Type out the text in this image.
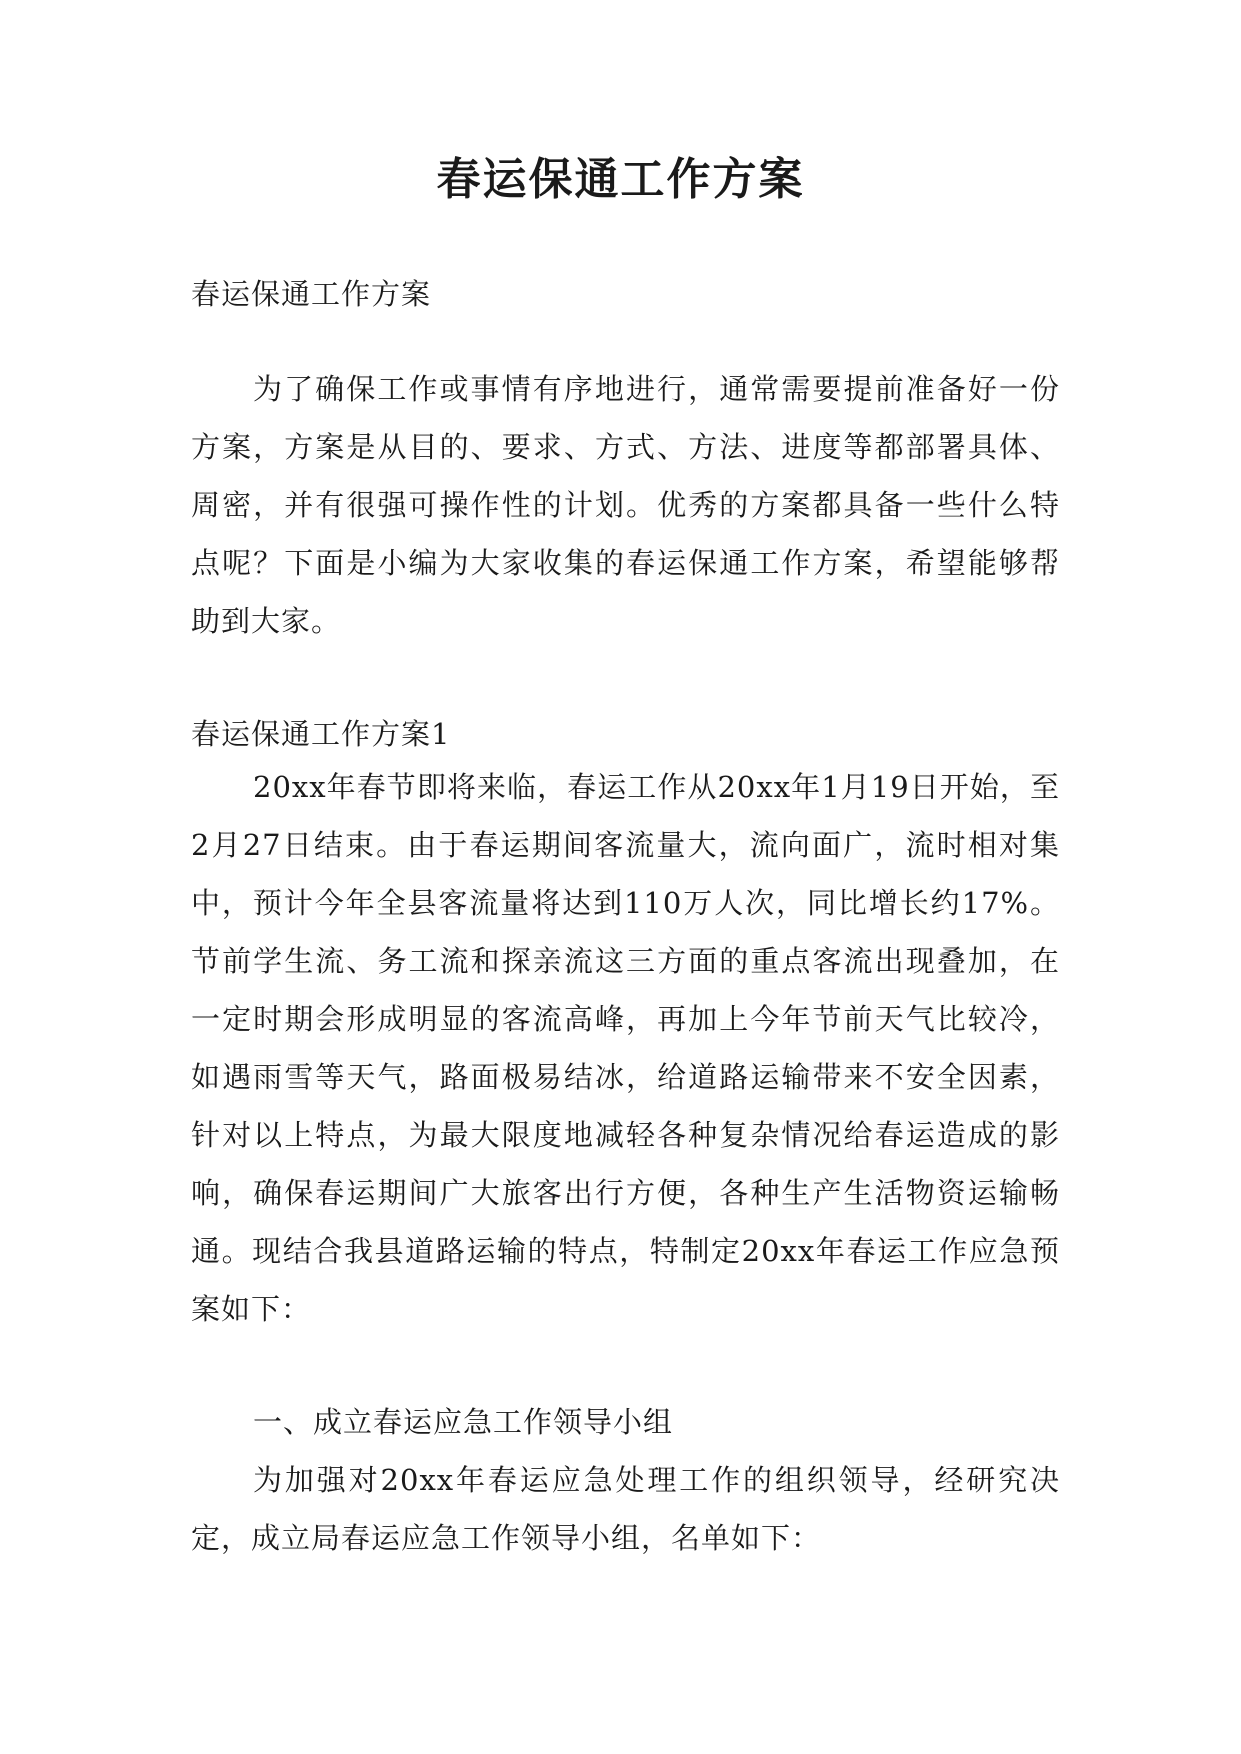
春运保通工作方案

春运保通工作方案

为了确保工作或事情有序地进行，通常需要提前准备好一份方案，方案是从目的、要求、方式、方法、进度等都部署具体、周密，并有很强可操作性的计划。优秀的方案都具备一些什么特点呢？下面是小编为大家收集的春运保通工作方案，希望能够帮助到大家。

春运保通工作方案1

20xx年春节即将来临，春运工作从20xx年1月19日开始，至2月27日结束。由于春运期间客流量大，流向面广，流时相对集中，预计今年全县客流量将达到110万人次，同比增长约17%。节前学生流、务工流和探亲流这三方面的重点客流出现叠加，在一定时期会形成明显的客流高峰，再加上今年节前天气比较冷，如遇雨雪等天气，路面极易结冰，给道路运输带来不安全因素，针对以上特点，为最大限度地减轻各种复杂情况给春运造成的影响，确保春运期间广大旅客出行方便，各种生产生活物资运输畅通。现结合我县道路运输的特点，特制定20xx年春运工作应急预案如下：

一、成立春运应急工作领导小组

为加强对20xx年春运应急处理工作的组织领导，经研究决定，成立局春运应急工作领导小组，名单如下：
